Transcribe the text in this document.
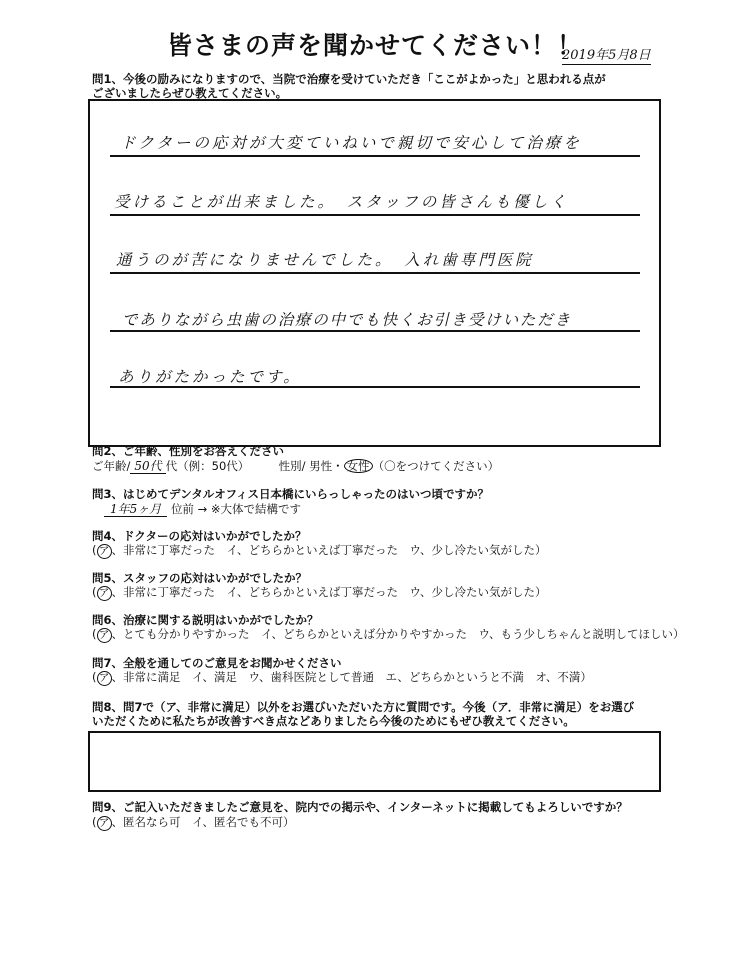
皆さまの声を聞かせてください！！
2019年5月8日
問1、今後の励みになりますので、当院で治療を受けていただき「ここがよかった」と思われる点が
ございましたらぜひ教えてください。
ドクターの応対が大変ていねいで親切で安心して治療を
受けることが出来ました。　スタッフの皆さんも優しく
通うのが苦になりませんでした。　入れ歯専門医院
でありながら虫歯の治療の中でも快くお引き受けいただき
ありがたかったです。
問2、ご年齢、性別をお答えください
ご年齢/ 50代 代（例：50代）	性別/ 男性・ 女性 （〇をつけてください）
問3、はじめてデンタルオフィス日本橋にいらっしゃったのはいつ頃ですか？
1年5ヶ月 位前 → ※大体で結構です
問4、ドクターの応対はいかがでしたか？
( ア 、非常に丁寧だった　イ、どちらかといえば丁寧だった　ウ、少し冷たい気がした）
問5、スタッフの応対はいかがでしたか？
( ア 、非常に丁寧だった　イ、どちらかといえば丁寧だった　ウ、少し冷たい気がした）
問6、治療に関する説明はいかがでしたか？
( ア 、とても分かりやすかった　イ、どちらかといえば分かりやすかった　ウ、もう少しちゃんと説明してほしい）
問7、全般を通してのご意見をお聞かせください
( ア 、非常に満足　イ、満足　ウ、歯科医院として普通　エ、どちらかというと不満　オ、不満）
問8、問7で（ア、非常に満足）以外をお選びいただいた方に質問です。今後（ア．非常に満足）をお選び
いただくために私たちが改善すべき点などありましたら今後のためにもぜひ教えてください。
問9、ご記入いただきましたご意見を、院内での掲示や、インターネットに掲載してもよろしいですか？
( ア 、匿名なら可　イ、匿名でも不可）
